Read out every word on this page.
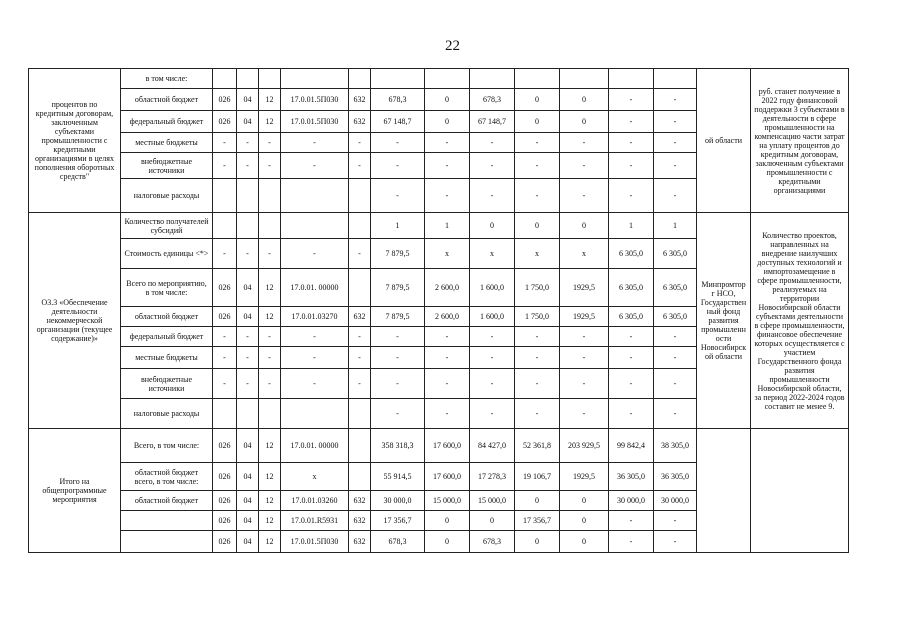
22
процентов по кредитным договорам, заключенным субъектами промышленности с кредитными организациями в целях пополнения оборотных средств"	в том числе:													ой области	руб. станет получение в 2022 году финансовой поддержки 3 субъектами в деятельности в сфере промышленности на компенсацию части затрат на уплату процентов до кредитным договорам, заключенным субъектами промышленности с кредитными организациями
	областной бюджет	026	04	12	17.0.01.5П030	632	678,3	0	678,3	0	0	-	-		
	федеральный бюджет	026	04	12	17.0.01.5П030	632	67 148,7	0	67 148,7	0	0	-	-		
	местные бюджеты	-	-	-	-	-	-	-	-	-	-	-	-		
	внебюджетные источники	-	-	-	-	-	-	-	-	-	-	-	-		
	налоговые расходы						-	-	-	-	-	-	-		
О3.3 «Обеспечение деятельности некоммерческой организации (текущее содержание)»	Количество получателей субсидий						1	1	0	0	0	1	1	Минпромтор г НСО, Государствен ный фонд развития промышленн ости Новосибирск ой области	Количество проектов, направленных на внедрение наилучших доступных технологий и импортозамещение в сфере промышленности, реализуемых на территории Новосибирской области субъектами деятельности в сфере промышленности, финансовое обеспечение которых осуществляется с участием Государственного фонда развития промышленности Новосибирской области, за период 2022-2024 годов составит не менее 9.
	Стоимость единицы <*>	-	-	-	-	-	7 879,5	х	х	х	х	6 305,0	6 305,0		
	Всего по мероприятию, в том числе:	026	04	12	17.0.01. 00000		7 879,5	2 600,0	1 600,0	1 750,0	1929,5	6 305,0	6 305,0		
	областной бюджет	026	04	12	17.0.01.03270	632	7 879,5	2 600,0	1 600,0	1 750,0	1929,5	6 305,0	6 305,0		
	федеральный бюджет	-	-	-	-	-	-	-	-	-	-	-	-		
	местные бюджеты	-	-	-	-	-	-	-	-	-	-	-	-		
	внебюджетные источники	-	-	-	-	-	-	-	-	-	-	-	-		
	налоговые расходы						-	-	-	-	-	-	-		
Итого на общепрограммные мероприятия	Всего, в том числе:	026	04	12	17.0.01. 00000		358 318,3	17 600,0	84 427,0	52 361,8	203 929,5	99 842,4	38 305,0		
	областной бюджет всего, в том числе:	026	04	12	х		55 914,5	17 600,0	17 278,3	19 106,7	1929,5	36 305,0	36 305,0		
	областной бюджет	026	04	12	17.0.01.03260	632	30 000,0	15 000,0	15 000,0	0	0	30 000,0	30 000,0		
		026	04	12	17.0.01.R5931	632	17 356,7	0	0	17 356,7	0	-	-		
		026	04	12	17.0.01.5П030	632	678,3	0	678,3	0	0	-	-		
